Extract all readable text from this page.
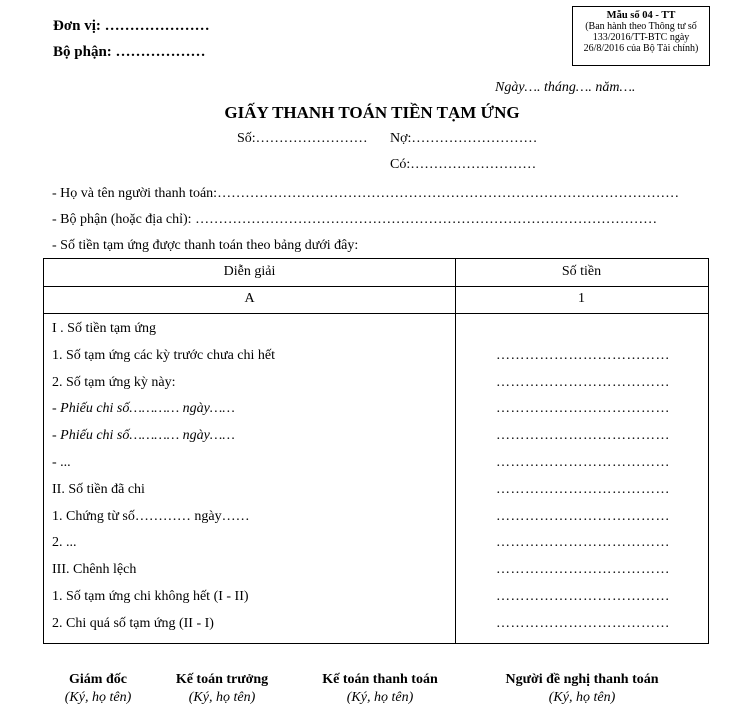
Đơn vị: …………………
Bộ phận: ………………
Mẫu số 04 - TT
(Ban hành theo Thông tư số
133/2016/TT-BTC ngày
26/8/2016 của Bộ Tài chính)
Ngày…. tháng…. năm….
GIẤY THANH TOÁN TIỀN TẠM ỨNG
Số:…………………… Nợ:………………………
Có:………………………
- Họ và tên người thanh toán:………………………………………………………………………………………
- Bộ phận (hoặc địa chỉ): ………………………………………………………………………………………
- Số tiền tạm ứng được thanh toán theo bảng dưới đây:
Diễn giải	Số tiền
A	1
I . Số tiền tạm ứng
1. Số tạm ứng các kỳ trước chưa chi hết	………………………………
2. Số tạm ứng kỳ này:	………………………………
- Phiếu chi số………… ngày……	………………………………
- Phiếu chi số………… ngày……	………………………………
- ...	………………………………
II. Số tiền đã chi	………………………………
1. Chứng từ số………… ngày……	………………………………
2. ...	………………………………
III. Chênh lệch	………………………………
1. Số tạm ứng chi không hết (I - II)	………………………………
2. Chi quá số tạm ứng (II - I)	………………………………
Giám đốc
(Ký, họ tên)
Kế toán trưởng
(Ký, họ tên)
Kế toán thanh toán
(Ký, họ tên)
Người đề nghị thanh toán
(Ký, họ tên)
